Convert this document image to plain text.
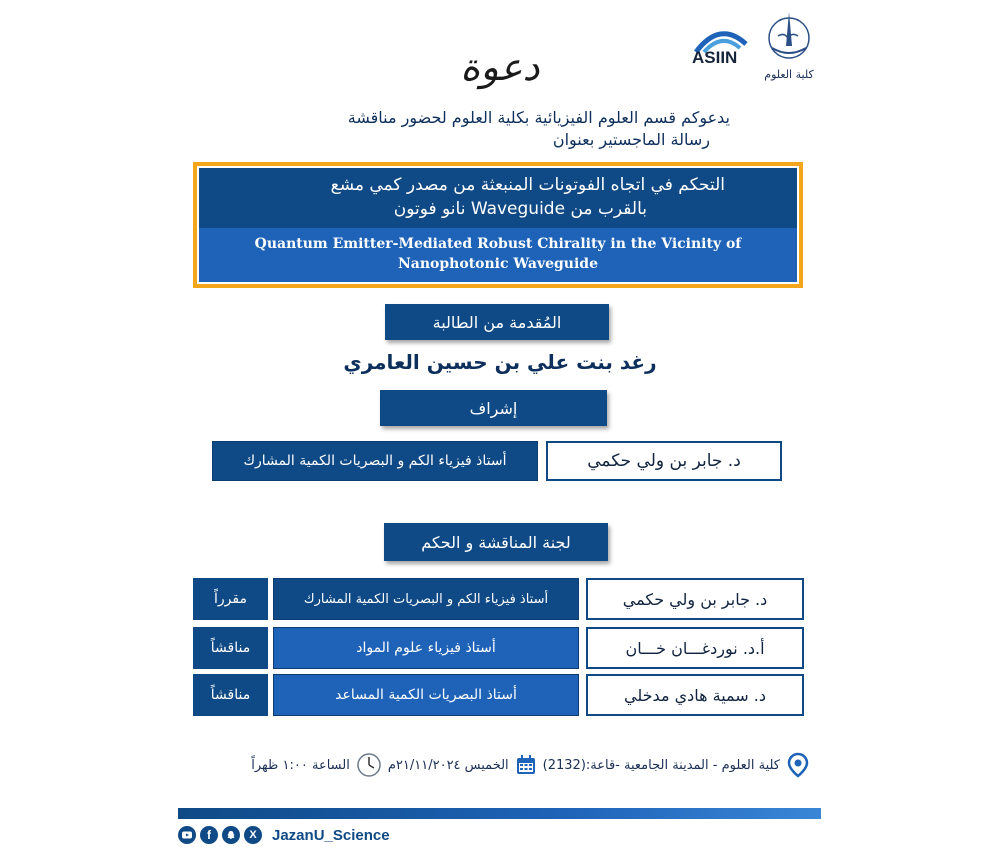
ASIIN
كلية العلوم
دعوة
يدعوكم قسم العلوم الفيزيائية بكلية العلوم لحضور مناقشة
رسالة الماجستير بعنوان
التحكم في اتجاه الفوتونات المنبعثة من مصدر كمي مشع
بالقرب من Waveguide نانو فوتون
Quantum Emitter-Mediated Robust Chirality in the Vicinity of
Nanophotonic Waveguide
المُقدمة من الطالبة
رغد بنت علي بن حسين العامري
إشراف
د. جابر بن ولي حكمي
أستاذ فيزياء الكم و البصريات الكمية المشارك
لجنة المناقشة و الحكم
د. جابر بن ولي حكمي
أستاذ فيزياء الكم و البصريات الكمية المشارك
مقرراً
أ.د. نوردغـــان خـــان
أستاذ فيزياء علوم المواد
مناقشاً
د. سمية هادي مدخلي
أستاذ البصريات الكمية المساعد
مناقشاً
كلية العلوم - المدينة الجامعية -قاعة:(2132)
الخميس ٢١/١١/٢٠٢٤م
الساعة ١:٠٠ ظهراً
f	X	JazanU_Science
